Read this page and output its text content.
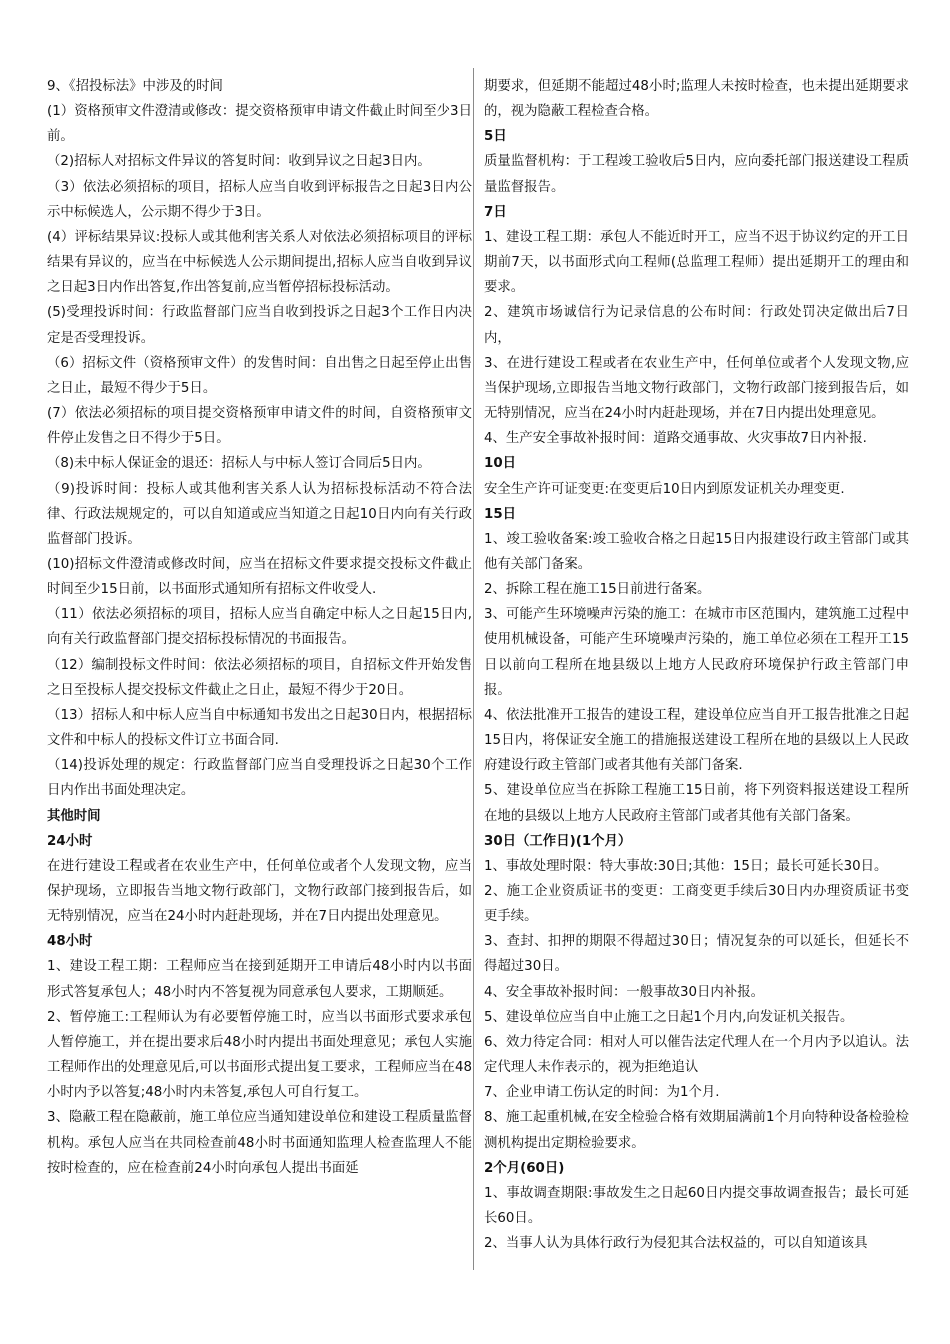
9、《招投标法》中涉及的时间

(1）资格预审文件澄清或修改：提交资格预审申请文件截止时间至少3日前。

（2)招标人对招标文件异议的答复时间：收到异议之日起3日内。

（3）依法必须招标的项目，招标人应当自收到评标报告之日起3日内公示中标候选人，公示期不得少于3日。

(4）评标结果异议:投标人或其他利害关系人对依法必须招标项目的评标结果有异议的，应当在中标候选人公示期间提出,招标人应当自收到异议之日起3日内作出答复,作出答复前,应当暂停招标投标活动。

(5)受理投诉时间：行政监督部门应当自收到投诉之日起3个工作日内决定是否受理投诉。

（6）招标文件（资格预审文件）的发售时间：自出售之日起至停止出售之日止，最短不得少于5日。

(7）依法必须招标的项目提交资格预审申请文件的时间，自资格预审文件停止发售之日不得少于5日。

（8)未中标人保证金的退还：招标人与中标人签订合同后5日内。

（9)投诉时间：投标人或其他利害关系人认为招标投标活动不符合法律、行政法规规定的，可以自知道或应当知道之日起10日内向有关行政监督部门投诉。

(10)招标文件澄清或修改时间，应当在招标文件要求提交投标文件截止时间至少15日前，以书面形式通知所有招标文件收受人.

（11）依法必须招标的项目，招标人应当自确定中标人之日起15日内,向有关行政监督部门提交招标投标情况的书面报告。

（12）编制投标文件时间：依法必须招标的项目，自招标文件开始发售之日至投标人提交投标文件截止之日止，最短不得少于20日。

（13）招标人和中标人应当自中标通知书发出之日起30日内，根据招标文件和中标人的投标文件订立书面合同.

（14)投诉处理的规定：行政监督部门应当自受理投诉之日起30个工作日内作出书面处理决定。

其他时间

24小时

在进行建设工程或者在农业生产中，任何单位或者个人发现文物，应当保护现场，立即报告当地文物行政部门，文物行政部门接到报告后，如无特别情况，应当在24小时内赶赴现场，并在7日内提出处理意见。

48小时

1、建设工程工期：工程师应当在接到延期开工申请后48小时内以书面形式答复承包人；48小时内不答复视为同意承包人要求，工期顺延。

2、暂停施工:工程师认为有必要暂停施工时，应当以书面形式要求承包人暂停施工，并在提出要求后48小时内提出书面处理意见；承包人实施工程师作出的处理意见后,可以书面形式提出复工要求，工程师应当在48小时内予以答复;48小时内未答复,承包人可自行复工。

3、隐蔽工程在隐蔽前，施工单位应当通知建设单位和建设工程质量监督机构。承包人应当在共同检查前48小时书面通知监理人检查监理人不能按时检查的，应在检查前24小时向承包人提出书面延

期要求，但延期不能超过48小时;监理人未按时检查，也未提出延期要求的，视为隐蔽工程检查合格。

5日

质量监督机构：于工程竣工验收后5日内，应向委托部门报送建设工程质量监督报告。

7日

1、建设工程工期：承包人不能近时开工，应当不迟于协议约定的开工日期前7天，以书面形式向工程师(总监理工程师）提出延期开工的理由和要求。

2、建筑市场诚信行为记录信息的公布时间：行政处罚决定做出后7日内，

3、在进行建设工程或者在农业生产中，任何单位或者个人发现文物,应当保护现场,立即报告当地文物行政部门，文物行政部门接到报告后，如无特别情况，应当在24小时内赶赴现场，并在7日内提出处理意见。

4、生产安全事故补报时间：道路交通事故、火灾事故7日内补报.

10日

安全生产许可证变更:在变更后10日内到原发证机关办理变更.

15日

1、竣工验收备案:竣工验收合格之日起15日内报建设行政主管部门或其他有关部门备案。

2、拆除工程在施工15日前进行备案。

3、可能产生环境噪声污染的施工：在城市市区范围内，建筑施工过程中使用机械设备，可能产生环境噪声污染的，施工单位必须在工程开工15日以前向工程所在地县级以上地方人民政府环境保护行政主管部门申报。

4、依法批准开工报告的建设工程，建设单位应当自开工报告批准之日起15日内，将保证安全施工的措施报送建设工程所在地的县级以上人民政府建设行政主管部门或者其他有关部门备案.

5、建设单位应当在拆除工程施工15日前，将下列资料报送建设工程所在地的县级以上地方人民政府主管部门或者其他有关部门备案。

30日（工作日)(1个月）

1、事故处理时限：特大事故:30日;其他：15日；最长可延长30日。

2、施工企业资质证书的变更：工商变更手续后30日内办理资质证书变更手续。

3、查封、扣押的期限不得超过30日；情况复杂的可以延长，但延长不得超过30日。

4、安全事故补报时间：一般事故30日内补报。

5、建设单位应当自中止施工之日起1个月内,向发证机关报告。

6、效力待定合同：相对人可以催告法定代理人在一个月内予以追认。法定代理人未作表示的，视为拒绝追认

7、企业申请工伤认定的时间：为1个月.

8、施工起重机械,在安全检验合格有效期届满前1个月向特种设备检验检测机构提出定期检验要求。

2个月(60日)

1、事故调查期限:事故发生之日起60日内提交事故调查报告；最长可延长60日。

2、当事人认为具体行政行为侵犯其合法权益的，可以自知道该具
